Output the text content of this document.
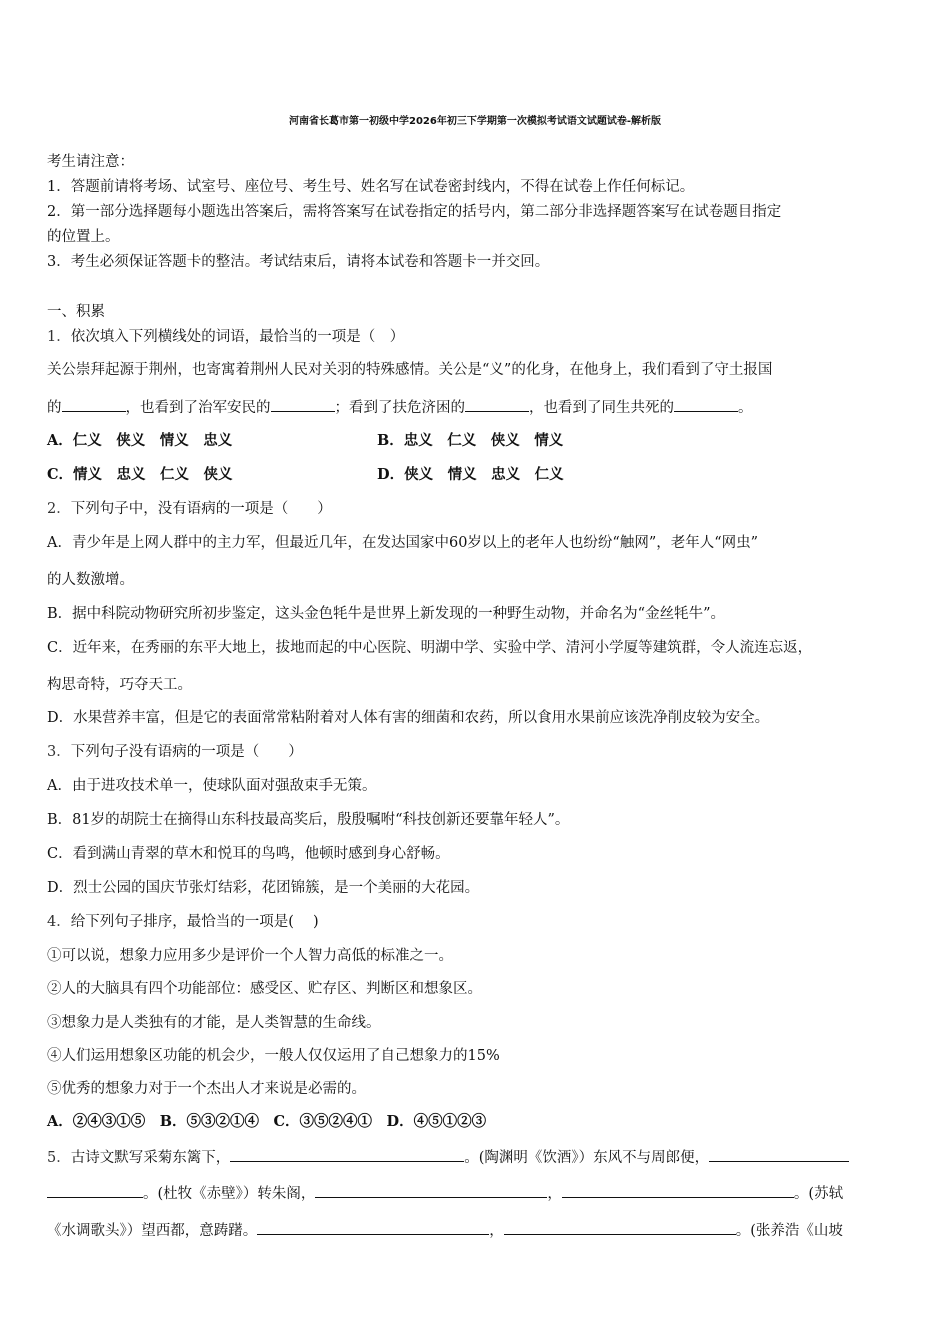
河南省长葛市第一初级中学2026年初三下学期第一次模拟考试语文试题试卷-解析版
考生请注意：
1．答题前请将考场、试室号、座位号、考生号、姓名写在试卷密封线内，不得在试卷上作任何标记。
2．第一部分选择题每小题选出答案后，需将答案写在试卷指定的括号内，第二部分非选择题答案写在试卷题目指定
的位置上。
3．考生必须保证答题卡的整洁。考试结束后，请将本试卷和答题卡一并交回。
一、积累
1．依次填入下列横线处的词语，最恰当的一项是（　）
关公崇拜起源于荆州，也寄寓着荆州人民对关羽的特殊感情。关公是“义”的化身，在他身上，我们看到了守土报国
的	，也看到了治军安民的	；看到了扶危济困的	，也看到了同生共死的	。
A．仁义　侠义　情义　忠义	B．忠义　仁义　侠义　情义
C．情义　忠义　仁义　侠义	D．侠义　情义　忠义　仁义
2．下列句子中，没有语病的一项是（　　）
A．青少年是上网人群中的主力军，但最近几年，在发达国家中60岁以上的老年人也纷纷“触网”，老年人“网虫”
的人数激增。
B．据中科院动物研究所初步鉴定，这头金色牦牛是世界上新发现的一种野生动物，并命名为“金丝牦牛”。
C．近年来，在秀丽的东平大地上，拔地而起的中心医院、明湖中学、实验中学、清河小学厦等建筑群，令人流连忘返，
构思奇特，巧夺天工。
D．水果营养丰富，但是它的表面常常粘附着对人体有害的细菌和农药，所以食用水果前应该洗净削皮较为安全。
3．下列句子没有语病的一项是（　　）
A．由于进攻技术单一，使球队面对强敌束手无策。
B．81岁的胡院士在摘得山东科技最高奖后，殷殷嘱咐“科技创新还要靠年轻人”。
C．看到满山青翠的草木和悦耳的鸟鸣，他顿时感到身心舒畅。
D．烈士公园的国庆节张灯结彩，花团锦簇，是一个美丽的大花园。
4．给下列句子排序，最恰当的一项是(　 )
①可以说，想象力应用多少是评价一个人智力高低的标准之一。
②人的大脑具有四个功能部位：感受区、贮存区、判断区和想象区。
③想象力是人类独有的才能，是人类智慧的生命线。
④人们运用想象区功能的机会少，一般人仅仅运用了自己想象力的15%
⑤优秀的想象力对于一个杰出人才来说是必需的。
A．②④③①⑤　B．⑤③②①④　C．③⑤②④①　D．④⑤①②③
5．古诗文默写采菊东篱下，	。(陶渊明《饮酒》）东风不与周郎便，
。(杜牧《赤壁》）转朱阁，	，	。(苏轼
《水调歌头》）望西都，意踌躇。	，	。(张养浩《山坡
